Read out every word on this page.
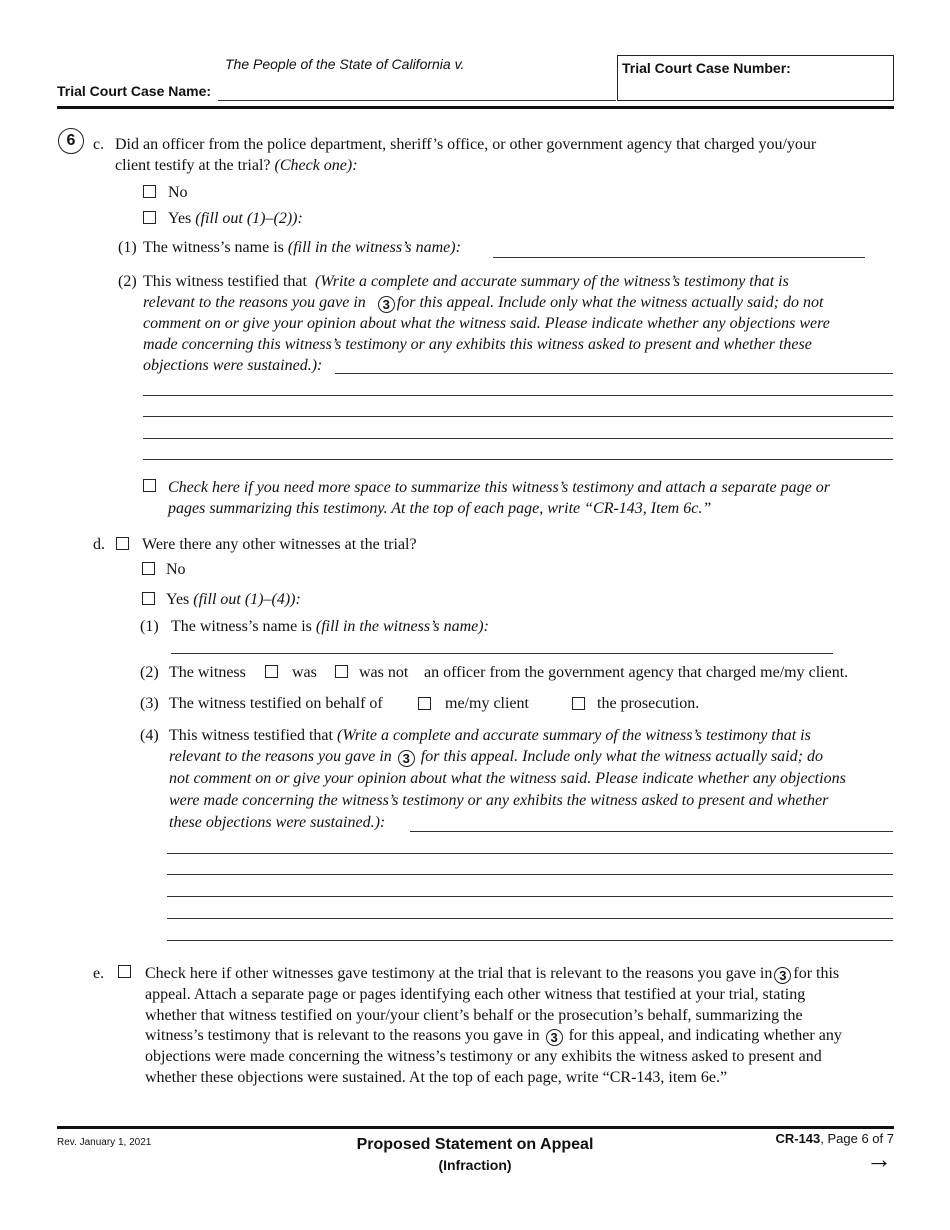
The People of the State of California v.
Trial Court Case Name:
Trial Court Case Number:
6	c. Did an officer from the police department, sheriff’s office, or other government agency that charged you/your
client testify at the trial? (Check one):
No
Yes (fill out (1)–(2)):
(1) The witness’s name is (fill in the witness’s name):
(2) This witness testified that (Write a complete and accurate summary of the witness’s testimony that is
relevant to the reasons you gave in 3 for this appeal. Include only what the witness actually said; do not
comment on or give your opinion about what the witness said. Please indicate whether any objections were
made concerning this witness’s testimony or any exhibits this witness asked to present and whether these
objections were sustained.):
Check here if you need more space to summarize this witness’s testimony and attach a separate page or
pages summarizing this testimony. At the top of each page, write “CR-143, Item 6c.”
d. Were there any other witnesses at the trial?
No
Yes (fill out (1)–(4)):
(1) The witness’s name is (fill in the witness’s name):
(2) The witness	was	was not an officer from the government agency that charged me/my client.
(3) The witness testified on behalf of	me/my client	the prosecution.
(4) This witness testified that (Write a complete and accurate summary of the witness’s testimony that is
relevant to the reasons you gave in 3 for this appeal. Include only what the witness actually said; do
not comment on or give your opinion about what the witness said. Please indicate whether any objections
were made concerning the witness’s testimony or any exhibits the witness asked to present and whether
these objections were sustained.):
e.	Check here if other witnesses gave testimony at the trial that is relevant to the reasons you gave in 3 for this
appeal. Attach a separate page or pages identifying each other witness that testified at your trial, stating
whether that witness testified on your/your client’s behalf or the prosecution’s behalf, summarizing the
witness’s testimony that is relevant to the reasons you gave in 3 for this appeal, and indicating whether any
objections were made concerning the witness’s testimony or any exhibits the witness asked to present and
whether these objections were sustained. At the top of each page, write “CR-143, item 6e.”
Rev. January 1, 2021	Proposed Statement on Appeal
(Infraction)
CR-143, Page 6 of 7
→
